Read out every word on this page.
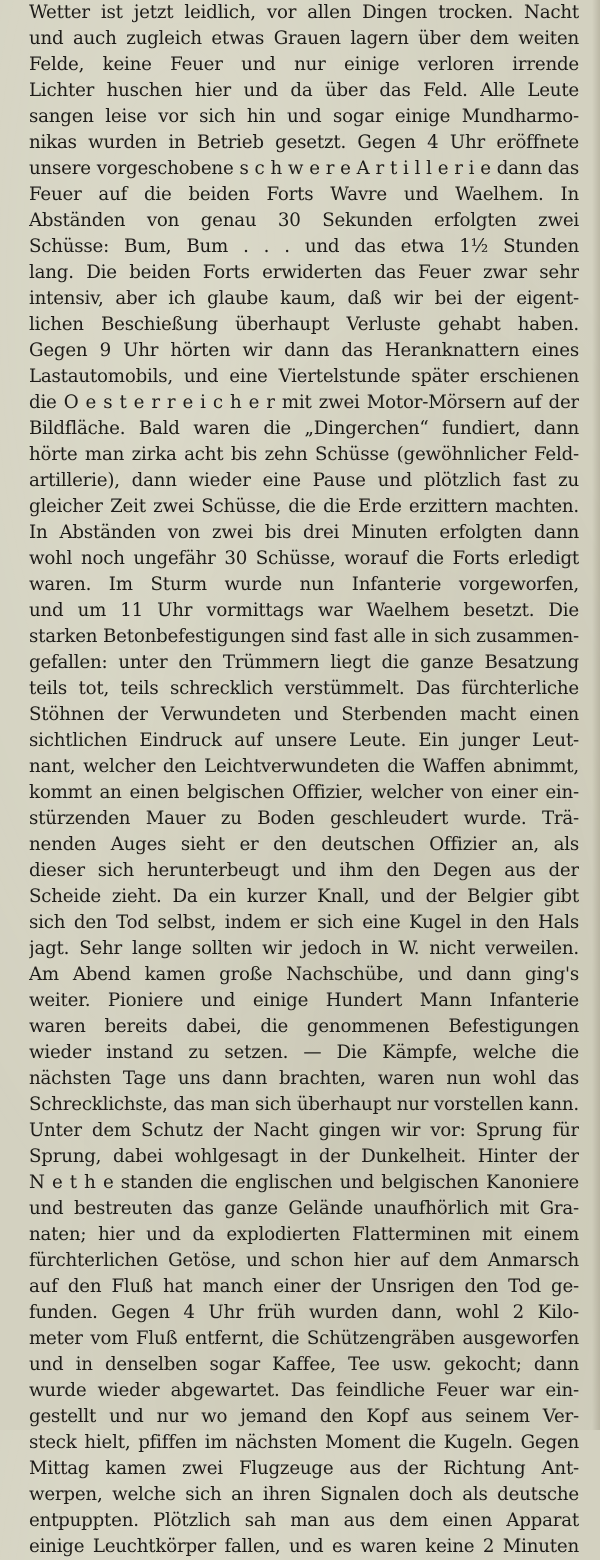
Wetter ist jetzt leidlich, vor allen Dingen trocken. Nacht
und auch zugleich etwas Grauen lagern über dem weiten
Felde, keine Feuer und nur einige verloren irrende
Lichter huschen hier und da über das Feld. Alle Leute
sangen leise vor sich hin und sogar einige Mundharmo-
nikas wurden in Betrieb gesetzt. Gegen 4 Uhr eröffnete
unsere vorgeschobene s c h w e r e A r t i l l e r i e dann das
Feuer auf die beiden Forts Wavre und Waelhem. In
Abständen von genau 30 Sekunden erfolgten zwei
Schüsse: Bum, Bum . . . und das etwa 1½ Stunden
lang. Die beiden Forts erwiderten das Feuer zwar sehr
intensiv, aber ich glaube kaum, daß wir bei der eigent-
lichen Beschießung überhaupt Verluste gehabt haben.
Gegen 9 Uhr hörten wir dann das Heranknattern eines
Lastautomobils, und eine Viertelstunde später erschienen
die O e s t e r r e i c h e r mit zwei Motor-Mörsern auf der
Bildfläche. Bald waren die „Dingerchen“ fundiert, dann
hörte man zirka acht bis zehn Schüsse (gewöhnlicher Feld-
artillerie), dann wieder eine Pause und plötzlich fast zu
gleicher Zeit zwei Schüsse, die die Erde erzittern machten.
In Abständen von zwei bis drei Minuten erfolgten dann
wohl noch ungefähr 30 Schüsse, worauf die Forts erledigt
waren. Im Sturm wurde nun Infanterie vorgeworfen,
und um 11 Uhr vormittags war Waelhem besetzt. Die
starken Betonbefestigungen sind fast alle in sich zusammen-
gefallen: unter den Trümmern liegt die ganze Besatzung
teils tot, teils schrecklich verstümmelt. Das fürchterliche
Stöhnen der Verwundeten und Sterbenden macht einen
sichtlichen Eindruck auf unsere Leute. Ein junger Leut-
nant, welcher den Leichtverwundeten die Waffen abnimmt,
kommt an einen belgischen Offizier, welcher von einer ein-
stürzenden Mauer zu Boden geschleudert wurde. Trä-
nenden Auges sieht er den deutschen Offizier an, als
dieser sich herunterbeugt und ihm den Degen aus der
Scheide zieht. Da ein kurzer Knall, und der Belgier gibt
sich den Tod selbst, indem er sich eine Kugel in den Hals
jagt. Sehr lange sollten wir jedoch in W. nicht verweilen.
Am Abend kamen große Nachschübe, und dann ging's
weiter. Pioniere und einige Hundert Mann Infanterie
waren bereits dabei, die genommenen Befestigungen
wieder instand zu setzen. — Die Kämpfe, welche die
nächsten Tage uns dann brachten, waren nun wohl das
Schrecklichste, das man sich überhaupt nur vorstellen kann.
Unter dem Schutz der Nacht gingen wir vor: Sprung für
Sprung, dabei wohlgesagt in der Dunkelheit. Hinter der
N e t h e standen die englischen und belgischen Kanoniere
und bestreuten das ganze Gelände unaufhörlich mit Gra-
naten; hier und da explodierten Flatterminen mit einem
fürchterlichen Getöse, und schon hier auf dem Anmarsch
auf den Fluß hat manch einer der Unsrigen den Tod ge-
funden. Gegen 4 Uhr früh wurden dann, wohl 2 Kilo-
meter vom Fluß entfernt, die Schützengräben ausgeworfen
und in denselben sogar Kaffee, Tee usw. gekocht; dann
wurde wieder abgewartet. Das feindliche Feuer war ein-
gestellt und nur wo jemand den Kopf aus seinem Ver-
steck hielt, pfiffen im nächsten Moment die Kugeln. Gegen
Mittag kamen zwei Flugzeuge aus der Richtung Ant-
werpen, welche sich an ihren Signalen doch als deutsche
entpuppten. Plötzlich sah man aus dem einen Apparat
einige Leuchtkörper fallen, und es waren keine 2 Minuten
